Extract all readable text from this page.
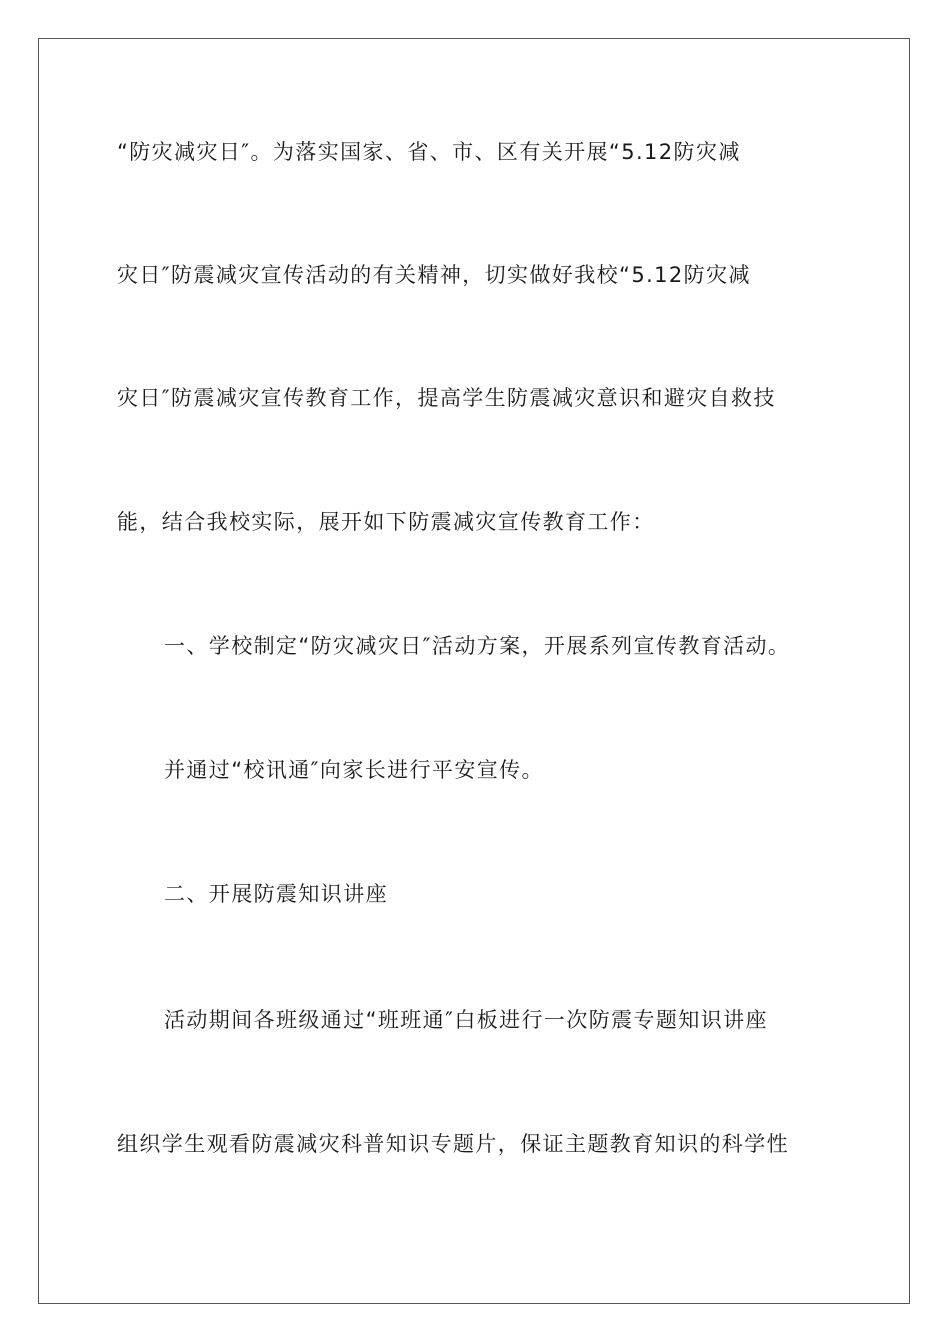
“防灾减灾日″。为落实国家、省、市、区有关开展“5.12防灾减
灾日″防震减灾宣传活动的有关精神，切实做好我校“5.12防灾减
灾日″防震减灾宣传教育工作，提高学生防震减灾意识和避灾自救技
能，结合我校实际，展开如下防震减灾宣传教育工作：
一、学校制定“防灾减灾日″活动方案，开展系列宣传教育活动。
并通过“校讯通″向家长进行平安宣传。
二、开展防震知识讲座
活动期间各班级通过“班班通″白板进行一次防震专题知识讲座
组织学生观看防震减灾科普知识专题片，保证主题教育知识的科学性
